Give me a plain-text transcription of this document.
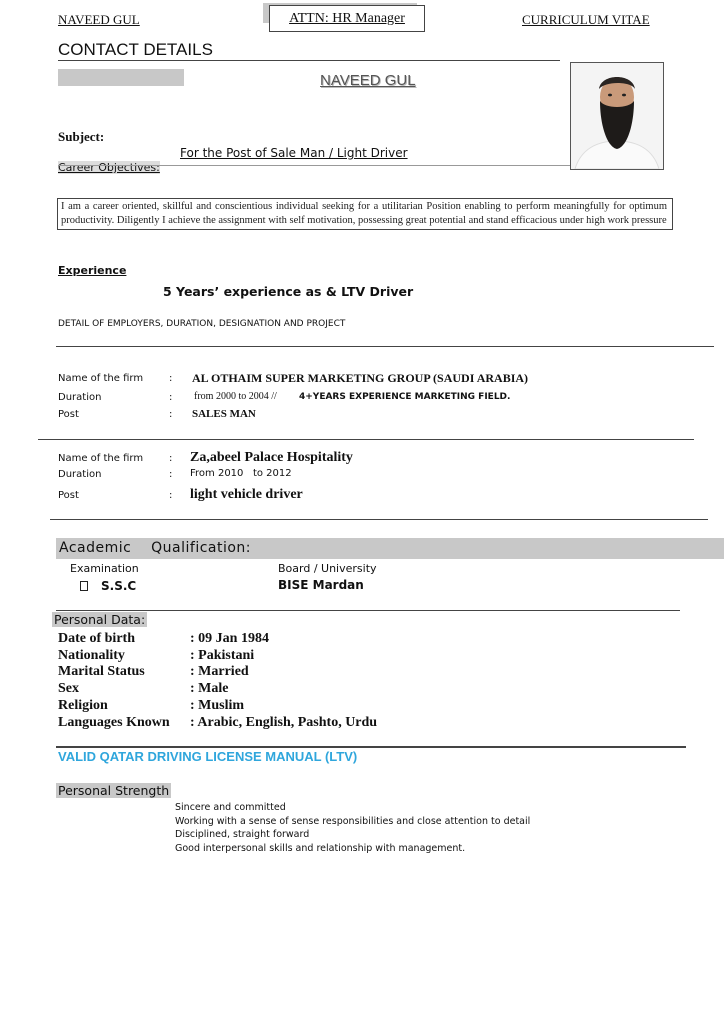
NAVEED GUL	ATTN: HR Manager	CURRICULUM VITAE
CONTACT DETAILS
NAVEED GUL
Subject:
For the Post of Sale Man / Light Driver
Career Objectives:
I am a career oriented, skillful and conscientious individual seeking for a utilitarian Position enabling to perform meaningfully for optimum productivity. Diligently I achieve the assignment with self motivation, possessing great potential and stand efficacious under high work pressure
Experience
5 Years’ experience as & LTV Driver
DETAIL OF EMPLOYERS, DURATION, DESIGNATION AND PROJECT
Name of the firm	: AL OTHAIM SUPER MARKETING GROUP (SAUDI ARABIA)
Duration	: from 2000 to 2004 // 4+YEARS EXPERIENCE MARKETING FIELD.
Post	: SALES MAN
Name of the firm	: Za,abeel Palace Hospitality
Duration	: From 2010   to 2012
Post	: light vehicle driver
Academic    Qualification:
Examination	Board / University
S.S.C	BISE Mardan
Personal Data:
Date of birth	: 09 Jan 1984
Nationality	: Pakistani
Marital Status	: Married
Sex	: Male
Religion	: Muslim
Languages Known : Arabic, English, Pashto, Urdu
VALID QATAR DRIVING LICENSE MANUAL (LTV)
Personal Strength
Sincere and committed
Working with a sense of sense responsibilities and close attention to detail
Disciplined, straight forward
Good interpersonal skills and relationship with management.
